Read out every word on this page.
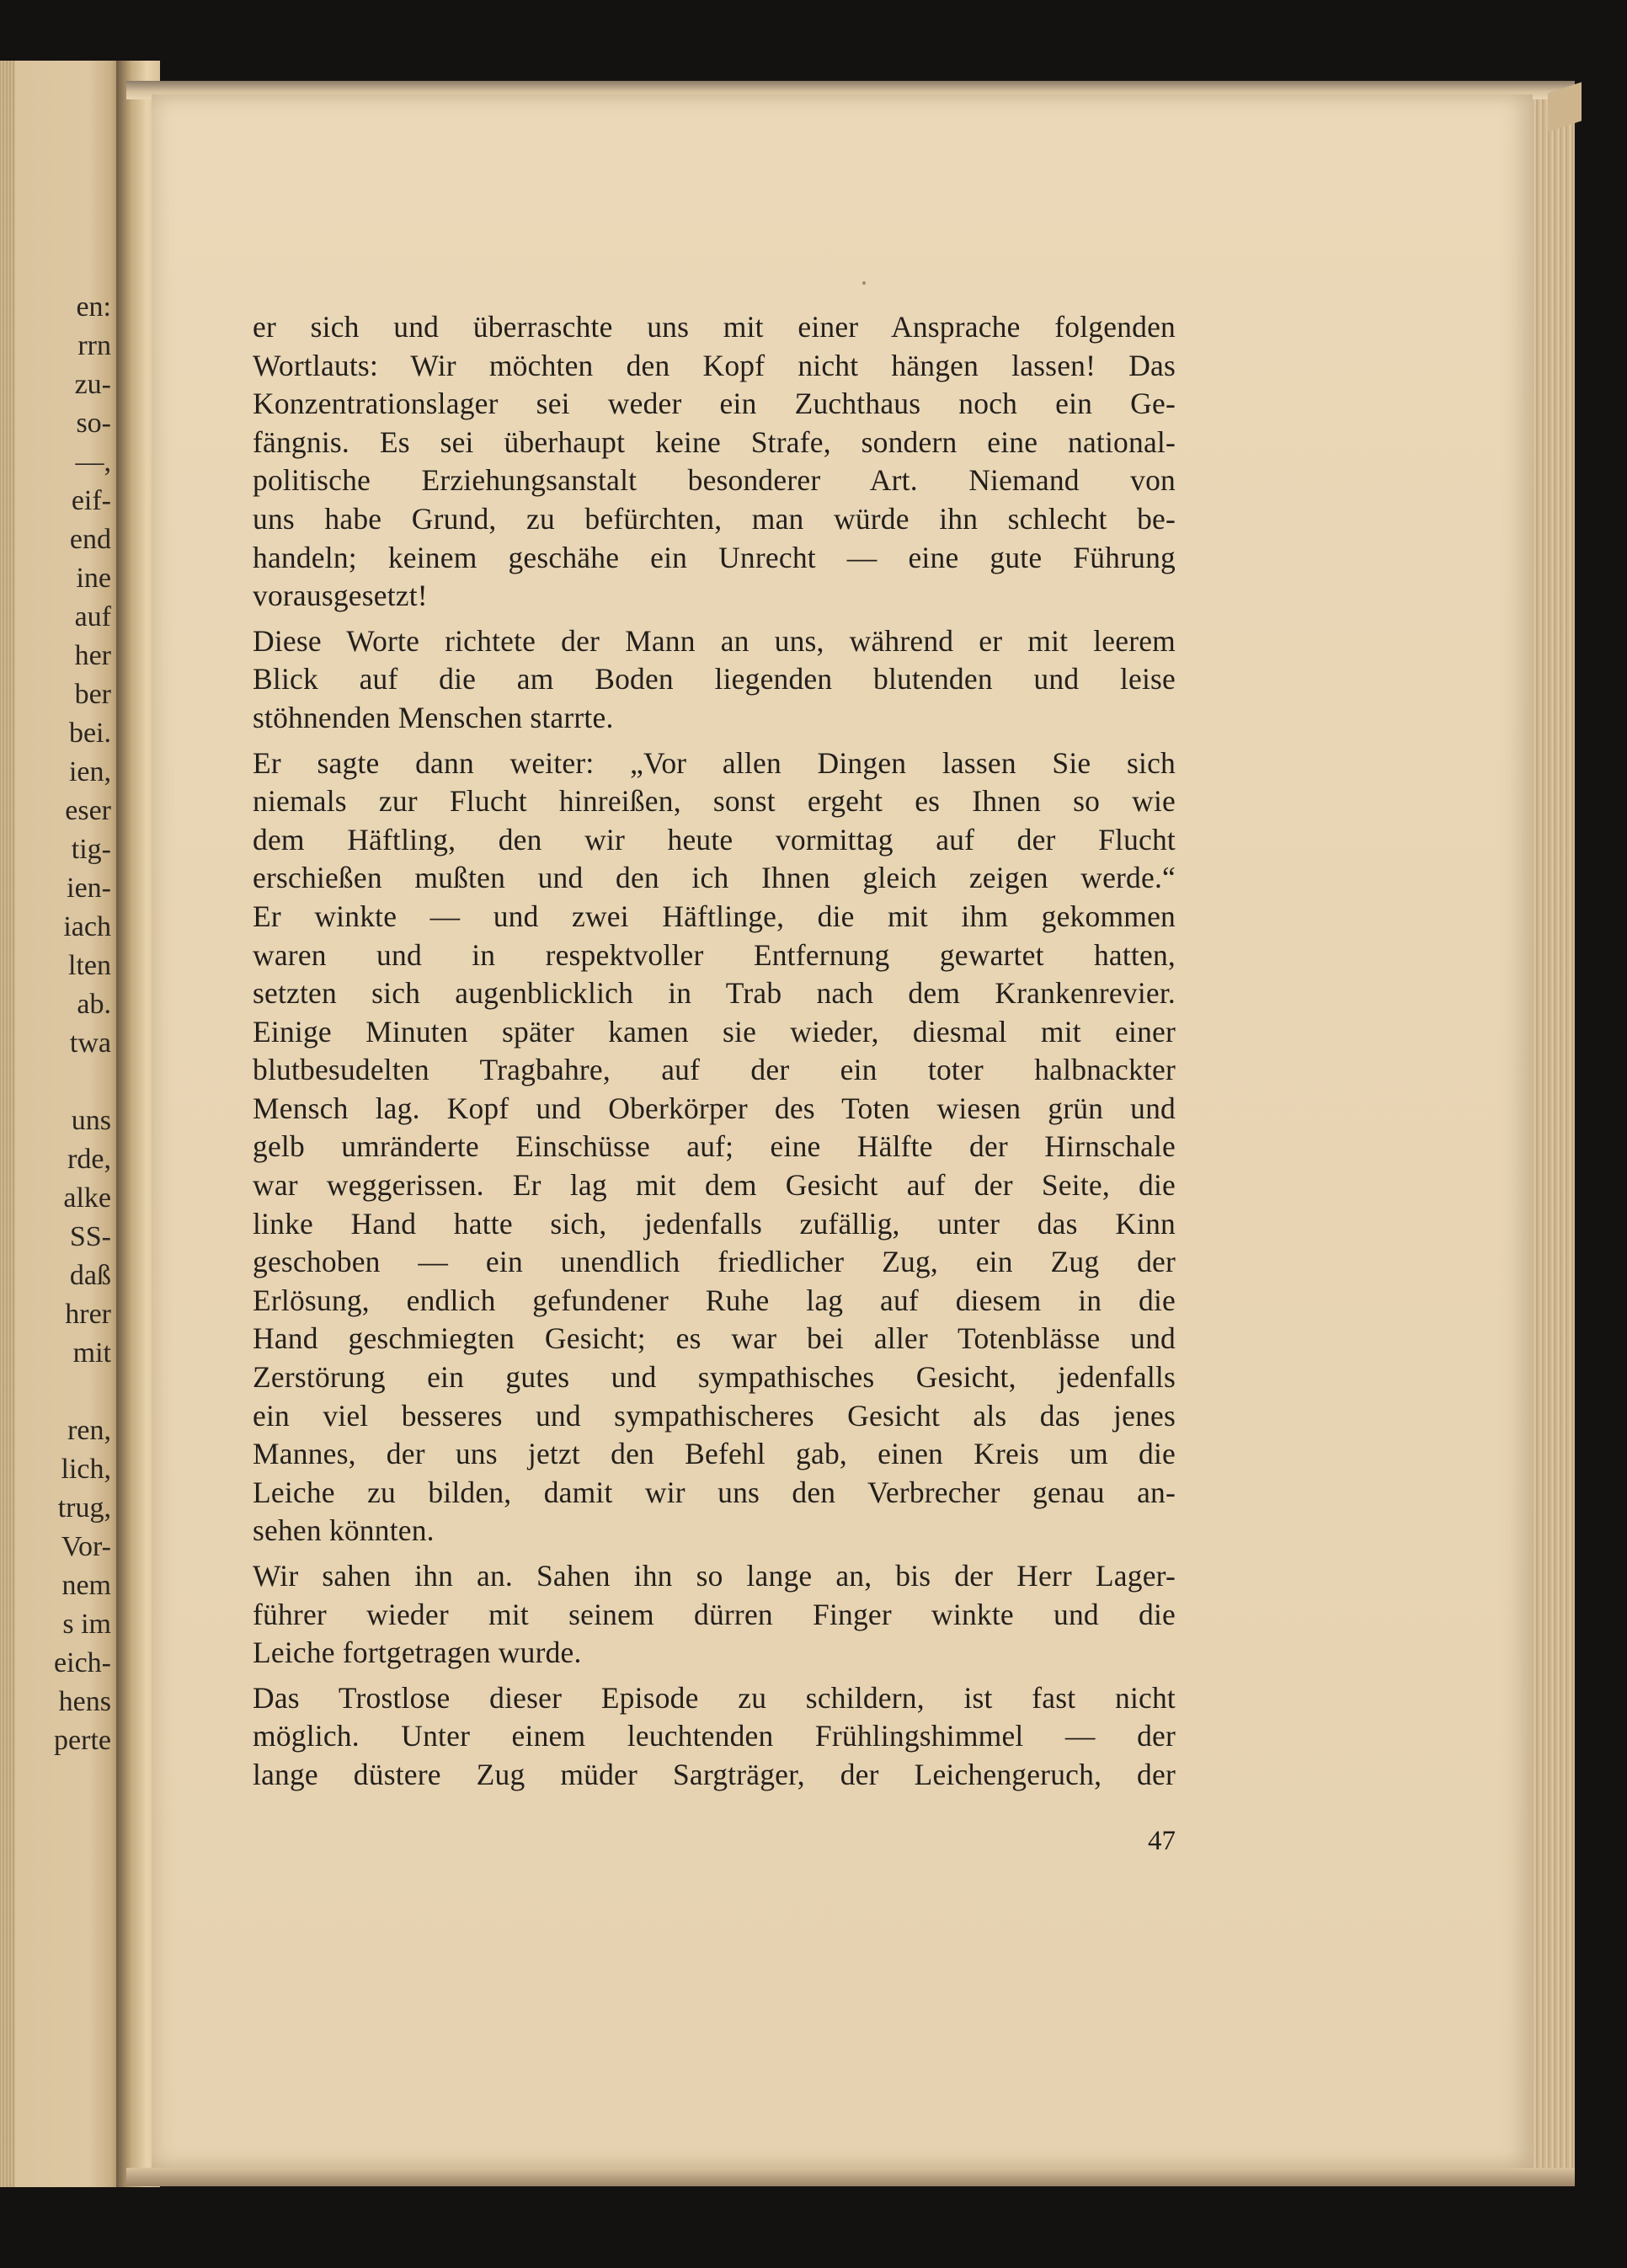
en:
rrn
zu-
so-
—,
eif-
end
ine
auf
her
ber
bei.
ien,
eser
tig-
ien-
iach
lten
ab.
twa
uns
rde,
alke
SS-
daß
hrer
mit
ren,
lich,
trug,
Vor-
nem
s im
eich-
hens
perte
er sich und überraschte uns mit einer Ansprache folgenden
Wortlauts: Wir möchten den Kopf nicht hängen lassen! Das
Konzentrationslager sei weder ein Zuchthaus noch ein Ge-
fängnis. Es sei überhaupt keine Strafe, sondern eine national-
politische Erziehungsanstalt besonderer Art. Niemand von
uns habe Grund, zu befürchten, man würde ihn schlecht be-
handeln; keinem geschähe ein Unrecht — eine gute Führung
vorausgesetzt!
Diese Worte richtete der Mann an uns, während er mit leerem
Blick auf die am Boden liegenden blutenden und leise
stöhnenden Menschen starrte.
Er sagte dann weiter: „Vor allen Dingen lassen Sie sich
niemals zur Flucht hinreißen, sonst ergeht es Ihnen so wie
dem Häftling, den wir heute vormittag auf der Flucht
erschießen mußten und den ich Ihnen gleich zeigen werde.“
Er winkte — und zwei Häftlinge, die mit ihm gekommen
waren und in respektvoller Entfernung gewartet hatten,
setzten sich augenblicklich in Trab nach dem Krankenrevier.
Einige Minuten später kamen sie wieder, diesmal mit einer
blutbesudelten Tragbahre, auf der ein toter halbnackter
Mensch lag. Kopf und Oberkörper des Toten wiesen grün und
gelb umränderte Einschüsse auf; eine Hälfte der Hirnschale
war weggerissen. Er lag mit dem Gesicht auf der Seite, die
linke Hand hatte sich, jedenfalls zufällig, unter das Kinn
geschoben — ein unendlich friedlicher Zug, ein Zug der
Erlösung, endlich gefundener Ruhe lag auf diesem in die
Hand geschmiegten Gesicht; es war bei aller Totenblässe und
Zerstörung ein gutes und sympathisches Gesicht, jedenfalls
ein viel besseres und sympathischeres Gesicht als das jenes
Mannes, der uns jetzt den Befehl gab, einen Kreis um die
Leiche zu bilden, damit wir uns den Verbrecher genau an-
sehen könnten.
Wir sahen ihn an. Sahen ihn so lange an, bis der Herr Lager-
führer wieder mit seinem dürren Finger winkte und die
Leiche fortgetragen wurde.
Das Trostlose dieser Episode zu schildern, ist fast nicht
möglich. Unter einem leuchtenden Frühlingshimmel — der
lange düstere Zug müder Sargträger, der Leichengeruch, der
47
